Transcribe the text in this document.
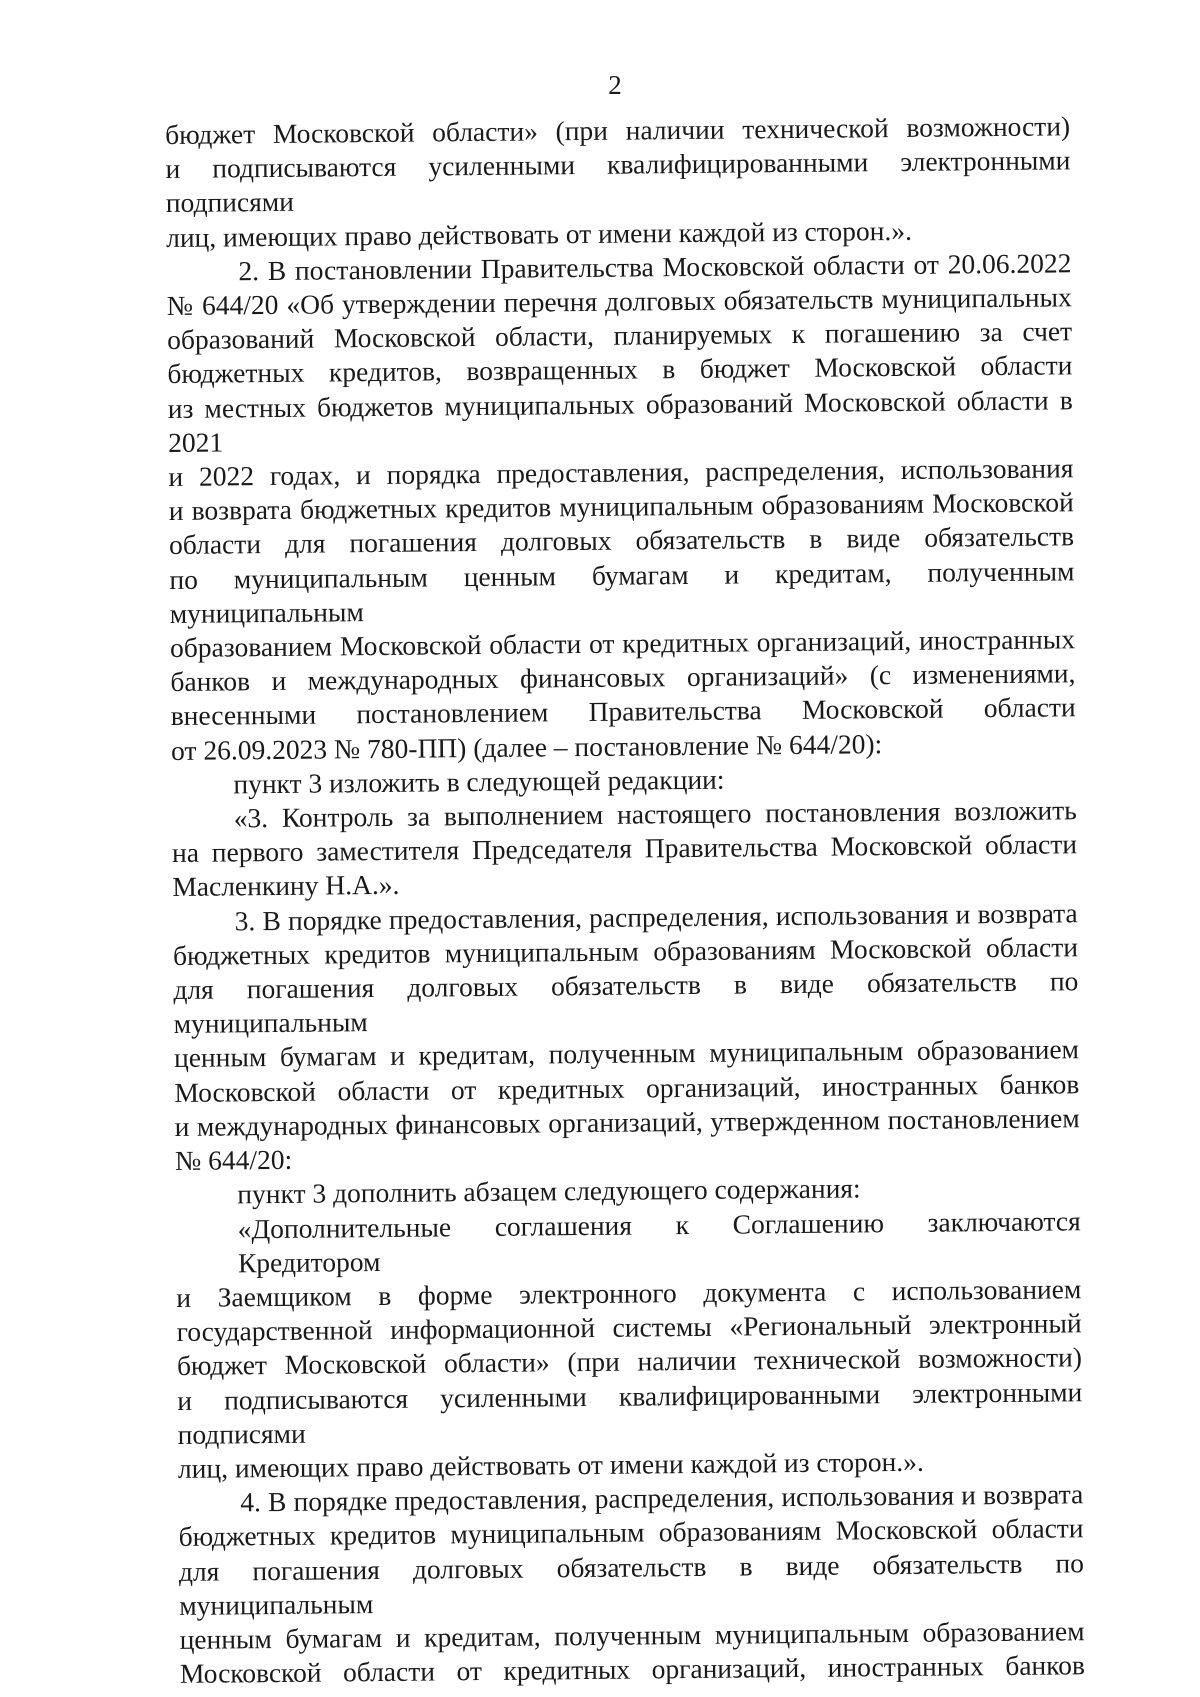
2
бюджет Московской области» (при наличии технической возможности)
и подписываются усиленными квалифицированными электронными подписями
лиц, имеющих право действовать от имени каждой из сторон.».
2. В постановлении Правительства Московской области от 20.06.2022
№ 644/20 «Об утверждении перечня долговых обязательств муниципальных
образований Московской области, планируемых к погашению за счет
бюджетных кредитов, возвращенных в бюджет Московской области
из местных бюджетов муниципальных образований Московской области в 2021
и 2022 годах, и порядка предоставления, распределения, использования
и возврата бюджетных кредитов муниципальным образованиям Московской
области для погашения долговых обязательств в виде обязательств
по муниципальным ценным бумагам и кредитам, полученным муниципальным
образованием Московской области от кредитных организаций, иностранных
банков и международных финансовых организаций» (с изменениями,
внесенными постановлением Правительства Московской области
от 26.09.2023 № 780-ПП) (далее – постановление № 644/20):
пункт 3 изложить в следующей редакции:
«3. Контроль за выполнением настоящего постановления возложить
на первого заместителя Председателя Правительства Московской области
Масленкину Н.А.».
3. В порядке предоставления, распределения, использования и возврата
бюджетных кредитов муниципальным образованиям Московской области
для погашения долговых обязательств в виде обязательств по муниципальным
ценным бумагам и кредитам, полученным муниципальным образованием
Московской области от кредитных организаций, иностранных банков
и международных финансовых организаций, утвержденном постановлением
№ 644/20:
пункт 3 дополнить абзацем следующего содержания:
«Дополнительные соглашения к Соглашению заключаются Кредитором
и Заемщиком в форме электронного документа с использованием
государственной информационной системы «Региональный электронный
бюджет Московской области» (при наличии технической возможности)
и подписываются усиленными квалифицированными электронными подписями
лиц, имеющих право действовать от имени каждой из сторон.».
4. В порядке предоставления, распределения, использования и возврата
бюджетных кредитов муниципальным образованиям Московской области
для погашения долговых обязательств в виде обязательств по муниципальным
ценным бумагам и кредитам, полученным муниципальным образованием
Московской области от кредитных организаций, иностранных банков
